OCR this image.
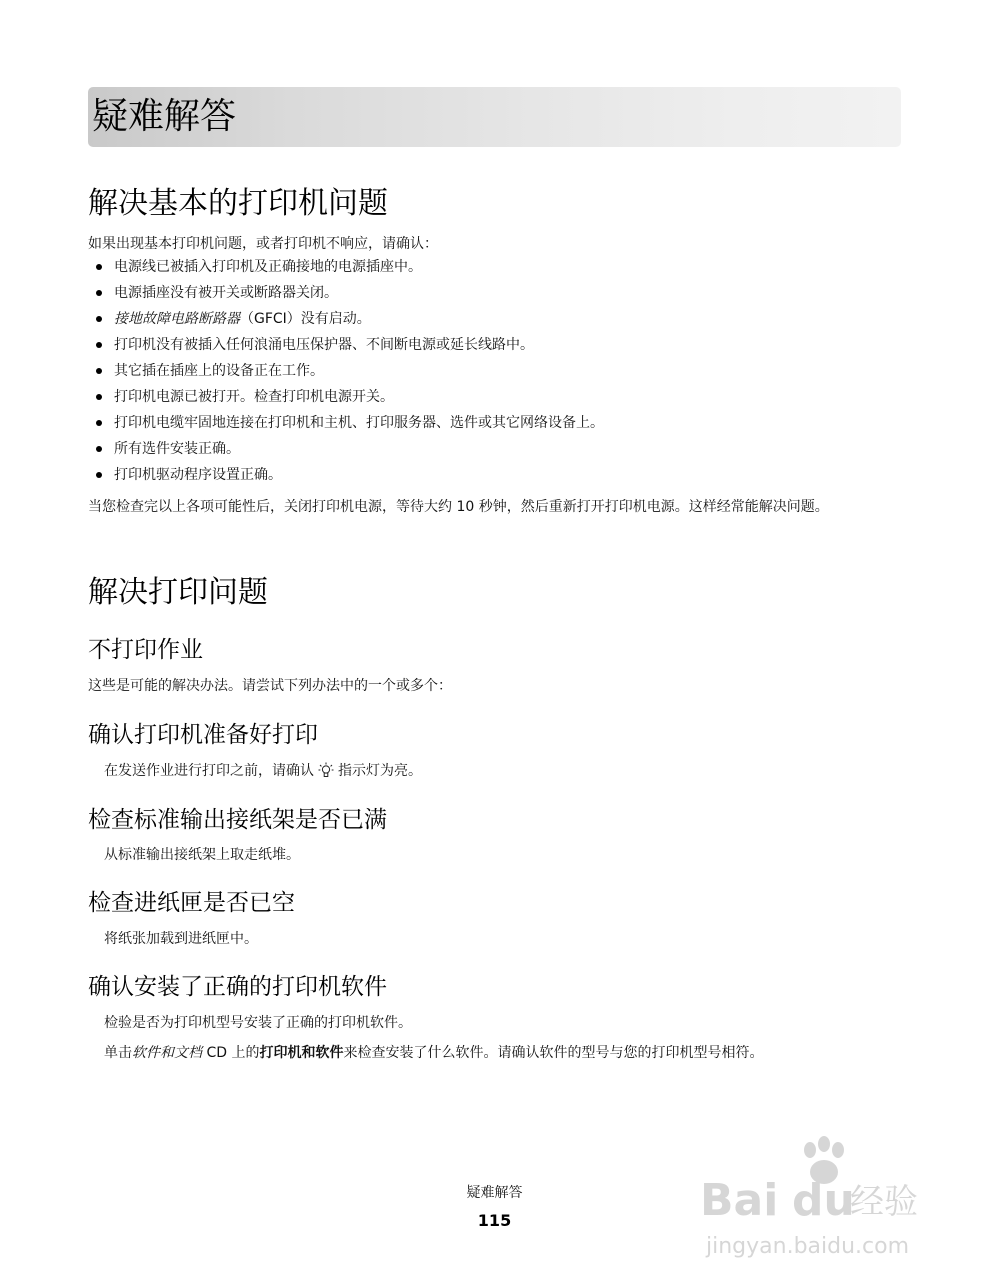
疑难解答
解决基本的打印机问题

如果出现基本打印机问题，或者打印机不响应，请确认：

电源线已被插入打印机及正确接地的电源插座中。
电源插座没有被开关或断路器关闭。
接地故障电路断路器（GFCI）没有启动。
打印机没有被插入任何浪涌电压保护器、不间断电源或延长线路中。
其它插在插座上的设备正在工作。
打印机电源已被打开。检查打印机电源开关。
打印机电缆牢固地连接在打印机和主机、打印服务器、选件或其它网络设备上。
所有选件安装正确。
打印机驱动程序设置正确。

当您检查完以上各项可能性后，关闭打印机电源，等待大约 10 秒钟，然后重新打开打印机电源。这样经常能解决问题。

解决打印问题
不打印作业

这些是可能的解决办法。请尝试下列办法中的一个或多个：

确认打印机准备好打印

在发送作业进行打印之前，请确认 指示灯为亮。

检查标准输出接纸架是否已满

从标准输出接纸架上取走纸堆。

检查进纸匣是否已空

将纸张加载到进纸匣中。

确认安装了正确的打印机软件

检验是否为打印机型号安装了正确的打印机软件。

单击软件和文档 CD 上的打印机和软件来检查安装了什么软件。请确认软件的型号与您的打印机型号相符。

疑难解答
115	Bai du
经验
jingyan.baidu.com
